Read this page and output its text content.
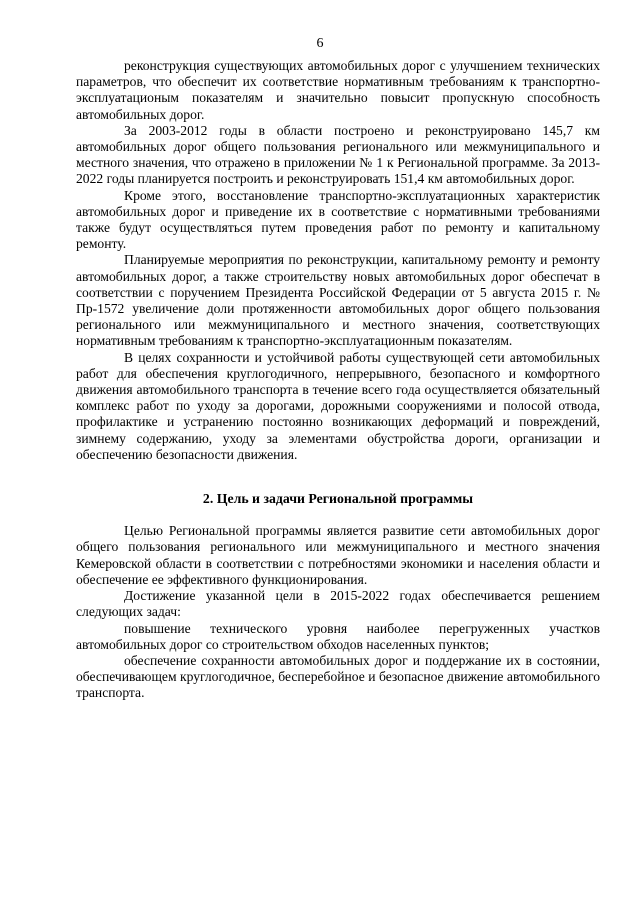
6

реконструкция существующих автомобильных дорог с улучшением технических параметров, что обеспечит их соответствие нормативным требованиям к транспортно-эксплуатационым показателям и значительно повысит пропускную способность автомобильных дорог.

За 2003-2012 годы в области построено и реконструировано 145,7 км автомобильных дорог общего пользования регионального или межмуниципального и местного значения, что отражено в приложении № 1 к Региональной программе. За 2013-2022 годы планируется построить и реконструировать 151,4 км автомобильных дорог.

Кроме этого, восстановление транспортно-эксплуатационных характеристик автомобильных дорог и приведение их в соответствие с нормативными требованиями также будут осуществляться путем проведения работ по ремонту и капитальному ремонту.

Планируемые мероприятия по реконструкции, капитальному ремонту и ремонту автомобильных дорог, а также строительству новых автомобильных дорог обеспечат в соответствии с поручением Президента Российской Федерации от 5 августа 2015 г. № Пр-1572 увеличение доли протяженности автомобильных дорог общего пользования регионального или межмуниципального и местного значения, соответствующих нормативным требованиям к транспортно-эксплуатационным показателям.

В целях сохранности и устойчивой работы существующей сети автомобильных работ для обеспечения круглогодичного, непрерывного, безопасного и комфортного движения автомобильного транспорта в течение всего года осуществляется обязательный комплекс работ по уходу за дорогами, дорожными сооружениями и полосой отвода, профилактике и устранению постоянно возникающих деформаций и повреждений, зимнему содержанию, уходу за элементами обустройства дороги, организации и обеспечению безопасности движения.

2. Цель и задачи Региональной программы

Целью Региональной программы является развитие сети автомобильных дорог общего пользования регионального или межмуниципального и местного значения Кемеровской области в соответствии с потребностями экономики и населения области и обеспечение ее эффективного функционирования.

Достижение указанной цели в 2015-2022 годах обеспечивается решением следующих задач:

повышение технического уровня наиболее перегруженных участков автомобильных дорог со строительством обходов населенных пунктов;

обеспечение сохранности автомобильных дорог и поддержание их в состоянии, обеспечивающем круглогодичное, бесперебойное и безопасное движение автомобильного транспорта.
